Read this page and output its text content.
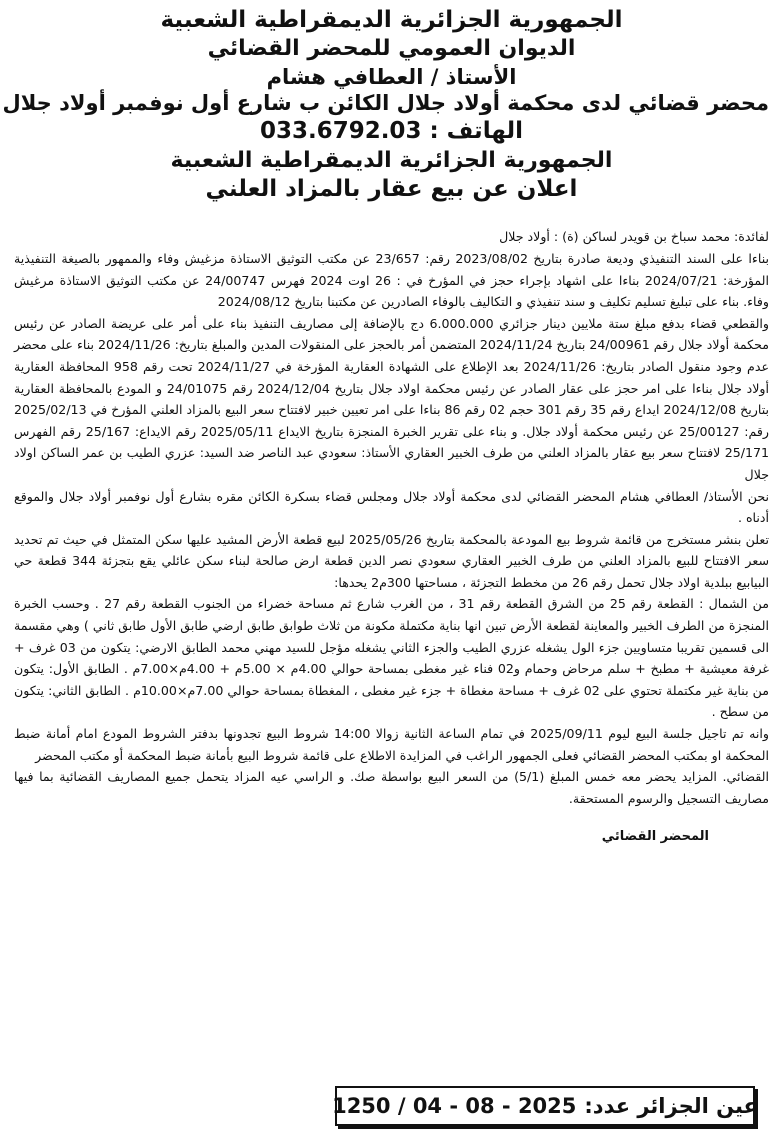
الجمهورية الجزائرية الديمقراطية الشعبية

الديوان العمومي للمحضر القضائي

الأستاذ / العطافي هشام

محضر قضائي لدى محكمة أولاد جلال الكائن ب شارع أول نوفمبر أولاد جلال

الهاتف : 033.6792.03

الجمهورية الجزائرية الديمقراطية الشعبية

اعلان عن بيع عقار بالمزاد العلني

لفائدة: محمد سباخ بن قويدر لساكن (ة) : أولاد جلال

بناءا على السند التنفيذي وديعة صادرة بتاريخ 2023/08/02 رقم: 23/657 عن مكتب التوثيق الاستاذة مزغيش وفاء والممهور بالصيغة التنفيذية المؤرخة: 2024/07/21 بناءا على اشهاد بإجراء حجز في المؤرخ في : 26 اوت 2024 فهرس 24/00747 عن مكتب التوثيق الاستاذة مرغيش وفاء. بناء على تبليغ تسليم تكليف و سند تنفيذي و التكاليف بالوفاء الصادرين عن مكتبنا بتاريخ 2024/08/12

والقطعي قضاء بدفع مبلغ ستة ملايين دينار جزائري 6.000.000 دج بالإضافة إلى مصاريف التنفيذ بناء على أمر على عريضة الصادر عن رئيس محكمة أولاد جلال رقم 24/00961 بتاريخ 2024/11/24 المتضمن أمر بالحجز على المنقولات المدين والمبلغ بتاريخ: 2024/11/26 بناء على محضر عدم وجود منقول الصادر بتاريخ: 2024/11/26 بعد الإطلاع على الشهادة العقارية المؤرخة في 2024/11/27 تحت رقم 958 المحافظة العقارية أولاد جلال بناءا على امر حجز على عقار الصادر عن رئيس محكمة اولاد جلال بتاريخ 2024/12/04 رقم 24/01075 و المودع بالمحافظة العقارية بتاريخ 2024/12/08 ايداع رقم 35 رقم 301 حجم 02 رقم 86 بناءا على امر تعيين خبير لافتتاح سعر البيع بالمزاد العلني المؤرخ في 2025/02/13 رقم: 25/00127 عن رئيس محكمة أولاد جلال. و بناء على تقرير الخبرة المنجزة بتاريخ الايداع 2025/05/11 رقم الايداع: 25/167 رقم الفهرس 25/171 لافتتاح سعر بيع عقار بالمزاد العلني من طرف الخبير العقاري الأستاذ: سعودي عبد الناصر ضد السيد: عزري الطيب بن عمر الساكن اولاد جلال

نحن الأستاذ/ العطافي هشام المحضر القضائي لدى محكمة أولاد جلال ومجلس قضاء بسكرة الكائن مقره بشارع أول نوفمبر أولاد جلال والموقع أدناه .

تعلن بنشر مستخرج من قائمة شروط بيع المودعة بالمحكمة بتاريخ 2025/05/26 لبيع قطعة الأرض المشيد عليها سكن المتمثل في حيث تم تحديد سعر الافتتاح للبيع بالمزاد العلني من طرف الخبير العقاري سعودي نصر الدين قطعة ارض صالحة لبناء سكن عائلي يقع بتجزئة 344 قطعة حي البيابيع ببلدية اولاد جلال تحمل رقم 26 من مخطط التجزئة ، مساحتها 300م2 يحدها:

من الشمال : القطعة رقم 25 من الشرق القطعة رقم 31 ، من الغرب شارع ثم مساحة خضراء من الجنوب القطعة رقم 27 . وحسب الخبرة المنجزة من الطرف الخبير والمعاينة لقطعة الأرض تبين انها بناية مكتملة مكونة من ثلاث طوابق طابق ارضي طابق الأول طابق ثاني ) وهي مقسمة الى قسمين تقريبا متساويين جزء الول يشغله عزري الطيب والجزء الثاني يشغله مؤجل للسيد مهني محمد الطابق الارضي: يتكون من 03 غرف + غرفة معيشية + مطبخ + سلم مرحاض وحمام و02 فناء غير مغطى بمساحة حوالي 4.00م × 5.00م + 4.00م×7.00م . الطابق الأول: يتكون من بناية غير مكتملة تحتوي على 02 غرف + مساحة مغطاة + جزء غير مغطى ، المغطاة بمساحة حوالي 7.00م×10.00م . الطابق الثاني: يتكون من سطح .

وانه تم تاجيل جلسة البيع ليوم 2025/09/11 في تمام الساعة الثانية زوالا 14:00 شروط البيع تجدونها بدفتر الشروط المودع امام أمانة ضبط المحكمة او بمكتب المحضر القضائي فعلى الجمهور الراغب في المزايدة الاطلاع على قائمة شروط البيع بأمانة ضبط المحكمة أو مكتب المحضر

القضائي. المزايد يحضر معه خمس المبلغ (5/1) من السعر البيع بواسطة صك. و الراسي عيه المزاد يتحمل جميع المصاريف القضائية بما فيها مصاريف التسجيل والرسوم المستحقة.

المحضر القضائي
عين الجزائر عدد:
1250 / 04 - 08 - 2025
